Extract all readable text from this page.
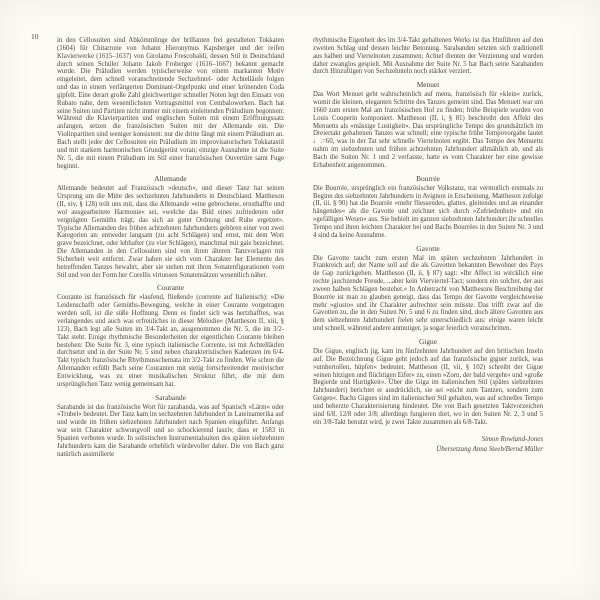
10	in den Cellosuiten sind Abkömmlinge der brillanten frei gestalteten Tokkaten (1604) für Chitarrone von Johann Hieronymus Kapsberger und der reifen Klavierwerke (1615–1637) von Girolamo Frescobaldi, dessen Stil in Deutschland durch seinen Schüler Johann Jakob Froberger (1616–1667) bekannt gemacht wurde. Die Präludien werden typischerweise von einem markanten Motiv eingeleitet, dem schnell voranschreitende Sechzehntel- oder Achtelläufe folgen und das in einem verlängerten Dominant-Orgelpunkt und einer krönenden Coda gipfelt. Eine derart große Zahl gleichwertiger schneller Noten legt den Einsatz von Rubato nahe, dem wesentlichsten Vortragsmittel von Cembalowerken. Bach hat seine Suiten und Partiten nicht immer mit einem einleitenden Präludium begonnen: Während die Klavierpartiten und englischen Suiten mit einem Eröffnungssatz anfangen, setzen die französischen Suiten mit der Allemande ein. Die Violinpartiten sind weniger konsistent: nur die dritte fängt mit einem Präludium an. Bach stellt jeder der Cellosuiten ein Präludium im improvisatorischen Tokkatastil und mit starkem harmonischen Grundgerüst voran; einzige Ausnahme ist die Suite Nr. 5, die mit einem Präludium im Stil einer französischen Ouvertüre samt Fuge beginnt.
Allemande
Allemande bedeutet auf Französisch »deutsch«, und dieser Tanz hat seinen Ursprung um die Mitte des sechzehnten Jahrhunderts in Deutschland. Mattheson (II, xiv, § 128) teilt uns mit, dass die Allemande »eine gebrochene, ernsthaffte und wol ausgearbeitete Harmonie« sei, »welche das Bild eines zufriedenen oder vergnügten Gemüths trägt, das sich an guter Ordnung und Ruhe ergetzet«. Typische Allemanden des frühen achtzehnten Jahrhunderts gehören einer von zwei Kategorien an: entweder langsam (zu acht Schlägen) und ernst, mit dem Wort grave bezeichnet, oder lebhafter (zu vier Schlägen), manchmal mit gaie bezeichnet. Die Allemanden in den Cellosuiten sind von ihren älteren Tanzvorlagen mit Sicherheit weit entfernt. Zwar haben sie sich vom Charakter her Elemente des betreffenden Tanzes bewahrt, aber sie stehen mit ihren Sonatenfigurationen vom Stil und von der Form her Corellis virtuosen Sonatensätzen wesentlich näher.
Courante
Courante ist französisch für »laufend, fließend« (corrente auf Italienisch): »Die Leidenschafft oder Gemüths-Bewegung, welche in einer Courante vorgetragen werden soll, ist die süße Hoffnung. Denn es findet sich was hertzhafftes, was verlangendes und auch was erfreuliches in dieser Melodie« (Mattheson II, xiii, § 123). Bach legt alle Suiten im 3/4-Takt an, ausgenommen die Nr. 5, die im 3/2-Takt steht. Einige rhythmische Besonderheiten der eigentlichen Courante bleiben bestehen: Die Suite Nr. 3, eine typisch italienische Corrente, ist mit Achtelläufen durchsetzt und in der Suite Nr. 5 sind neben charakteristischen Kadenzen im 6/4-Takt typisch französische Rhythmusschemata im 3/2-Takt zu finden. Wie schon die Allemanden erfüllt Bach seine Couranten mit stetig fortschreitender motivischer Entwicklung, was zu einer musikalischen Struktur führt, die mit dem ursprünglichen Tanz wenig gemeinsam hat.
Sarabande
Sarabande ist das französische Wort für zarabanda, was auf Spanisch »Lärm« oder »Trubel« bedeutet. Der Tanz kam im sechzehnten Jahrhundert in Lateinamerika auf und wurde im frühen siebzehnten Jahrhundert nach Spanien eingeführt. Anfangs war sein Charakter schwungvoll und so schockierend lasziv, dass er 1583 in Spanien verboten wurde. In solistischen Instrumentalsuiten des späten siebzehnten Jahrhunderts kam die Sarabande erheblich würdevoller daher. Die von Bach ganz natürlich assimilierte
rhythmische Eigenheit des im 3/4-Takt gehaltenen Werks ist das Hinführen auf den zweiten Schlag und dessen leichte Betonung. Sarabanden setzten sich traditionell aus halben und Viertelnoten zusammen; Achtel dienten der Verzierung und wurden daher zwanglos gespielt. Mit Ausnahme der Suite Nr. 5 hat Bach seine Sarabanden durch Hinzufügen von Sechzehnteln noch stärker verziert.
Menuet
Das Wort Menuet geht wahrscheinlich auf menu, französisch für »klein« zurück, womit die kleinen, eleganten Schritte des Tanzes gemeint sind. Das Menuett war um 1660 zum ersten Mal am französischen Hof zu finden; frühe Beispiele wurden von Louis Couperin komponiert. Mattheson (II, i, § 81) beschreibt den Affekt des Menuetts als »mässige Lustigkeit«. Das ursprüngliche Tempo des grundsätzlich im Dreiertakt gehaltenen Tanzes war schnell; eine typische frühe Tempovorgabe lautet ♩.=60, was in der Tat sehr schnelle Viertelnoten ergibt. Das Tempo des Menuetts nahm im siebzehnten und frühen achtzehnten Jahrhundert allmählich ab, und als Bach die Suiten Nr. 1 und 2 verfasste, hatte es vom Charakter her eine gewisse Erhabenheit angenommen.
Bourrée
Die Bourrée, ursprünglich ein französischer Volkstanz, trat vermutlich erstmals zu Beginn des siebzehnten Jahrhunderts in Avignon in Erscheinung. Mattheson zufolge (II, iii, § 90) hat die Bourrée »mehr fliessendes, glattes, gleitendes und an einander hängendes« als die Gavotte und zeichnet sich durch »Zufriedenheit« und ein »gefälligen Wesen« aus. Sie behielt im ganzen siebzehnten Jahrhundert ihr schnelles Tempo und ihren leichten Charakter bei und Bachs Bourrées in den Suiten Nr. 3 und 4 sind da keine Ausnahme.
Gavotte
Die Gavotte taucht zum ersten Mal im späten sechzehnten Jahrhundert in Frankreich auf; der Name soll auf die als Gavotten bekannten Bewohner des Pays de Gap zurückgehen. Mattheson (II, ii, § 87) sagt: »Ihr Affect ist wircklich eine rechte jauchzende Freude, ...aber kein Vierviertel-Tact; sondern ein solcher, der aus zween halben Schlägen bestehet.« In Anbetracht von Matthesons Beschreibung der Bourrée ist man zu glauben geneigt, dass das Tempo der Gavotte vergleichsweise mehr »giusto« und ihr Charakter aufrechter sein müsste. Das trifft zwar auf die Gavotten zu, die in den Suiten Nr. 5 und 6 zu finden sind, doch ältere Gavotten aus dem siebzehnten Jahrhundert fielen sehr unterschiedlich aus: einige waren leicht und schnell, während andere anmutiger, ja sogar feierlich voranschritten.
Gigue
Die Gigue, englisch jig, kam im fünfzehnten Jahrhundert auf den britischen Inseln auf. Die Bezeichnung Gigue geht jedoch auf das französische giguer zurück, was »umhertollen, hüpfen« bedeutet. Mattheson (II, vii, § 102) schreibt der Gigue »einen hitzigen und flüchtigen Eifer« zu, einen »Zorn, der bald vergeht« und »große Begierde und Hurtigkeit«. Über die Giga im italienischen Stil (spätes siebzehntes Jahrhundert) berichtet er ausdrücklich, sie sei »nicht zum Tantzen, sondern zum Geigen«. Bachs Gigues sind im italienischen Stil gehalten, was auf schnelles Tempo und beherzte Charakterisierung hindeutet. Die von Bach gesetzten Taktvorzeichen sind 6/8, 12/8 oder 3/8; allerdings fungieren dort, wo in den Suiten Nr. 2, 3 und 5 ein 3/8-Takt benutzt wird, je zwei Takte zusammen als 6/8-Takt.
Simon Rowland-Jones
Übersetzung Anna Steeb/Bernd Müller
